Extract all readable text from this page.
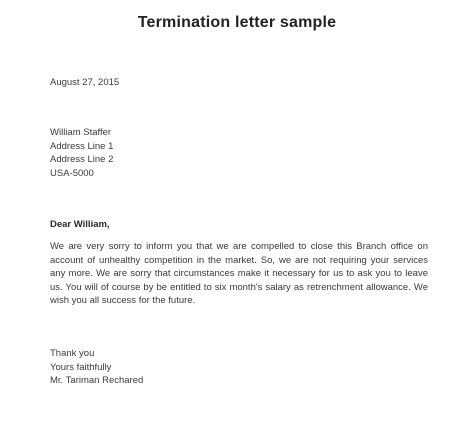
Termination letter sample
August 27, 2015
William Staffer
Address Line 1
Address Line 2
USA-5000
Dear William,
We are very sorry to inform you that we are compelled to close this Branch office on account of unhealthy competition in the market. So, we are not requiring your services any more. We are sorry that circumstances make it necessary for us to ask you to leave us. You will of course by be entitled to six month's salary as retrenchment allowance. We wish you all success for the future.
Thank you
Yours faithfully
Mr. Tariman Rechared
